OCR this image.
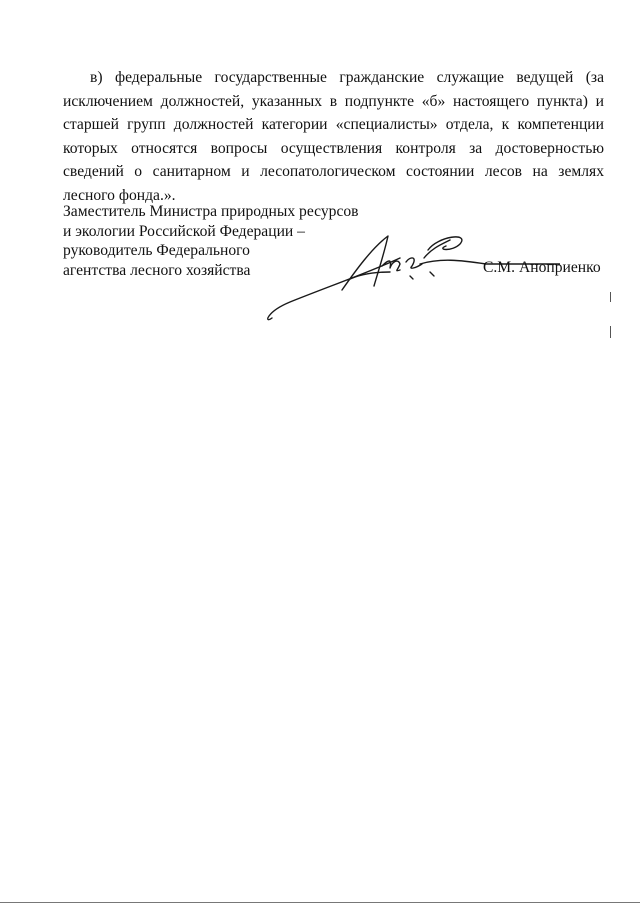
в) федеральные государственные гражданские служащие ведущей (за исключением должностей, указанных в подпункте «б» настоящего пункта) и старшей групп должностей категории «специалисты» отдела, к компетенции которых относятся вопросы осуществления контроля за достоверностью сведений о санитарном и лесопатологическом состоянии лесов на землях лесного фонда.».

Заместитель Министра природных ресурсов
и экологии Российской Федерации –
руководитель Федерального
агентства лесного хозяйства	С.М. Аноприенко
